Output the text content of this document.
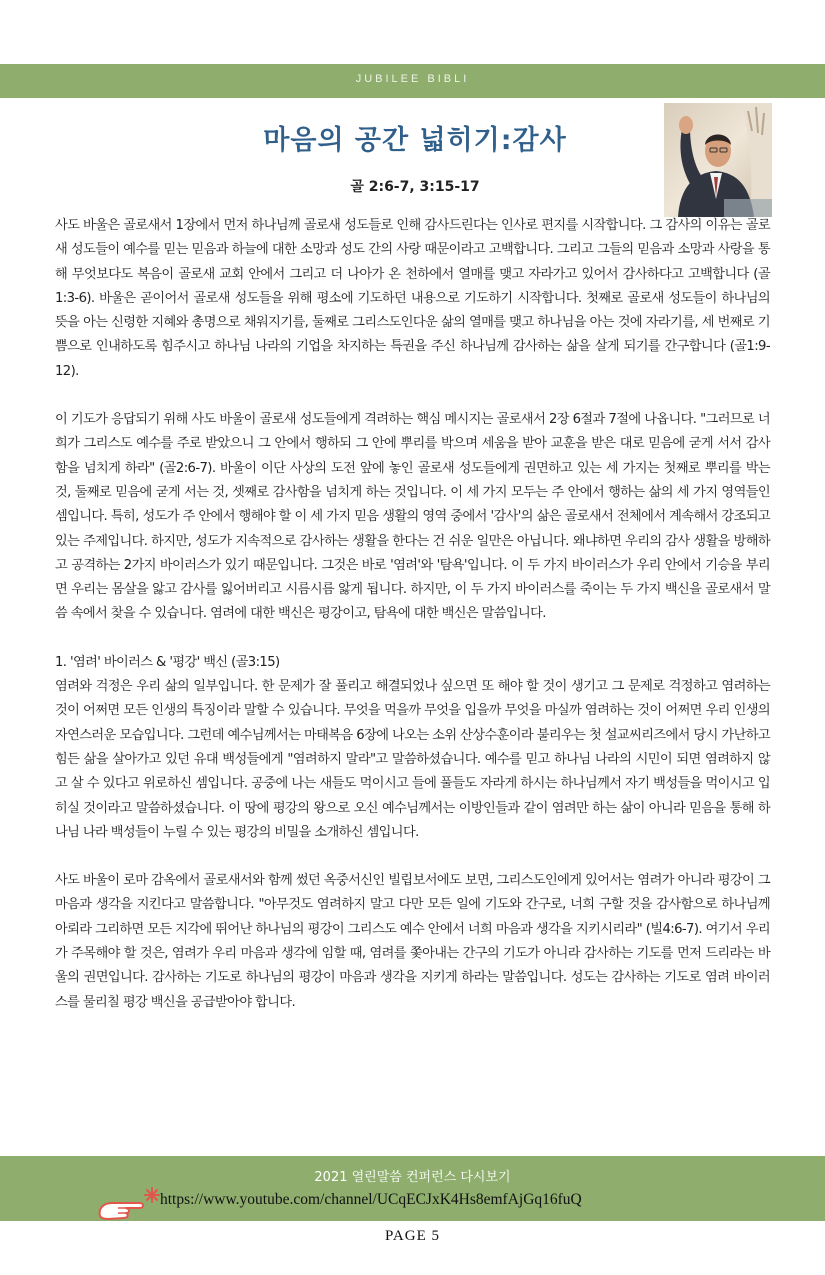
JUBILEE BIBLI
마음의 공간 넓히기:감사
골 2:6-7, 3:15-17

사도 바울은 골로새서 1장에서 먼저 하나님께 골로새 성도들로 인해 감사드린다는 인사로 편지를 시작합니다. 그 감사의 이유는 골로새 성도들이 예수를 믿는 믿음과 하늘에 대한 소망과 성도 간의 사랑 때문이라고 고백합니다. 그리고 그들의 믿음과 소망과 사랑을 통해 무엇보다도 복음이 골로새 교회 안에서 그리고 더 나아가 온 천하에서 열매를 맺고 자라가고 있어서 감사하다고 고백합니다 (골1:3-6). 바울은 곧이어서 골로새 성도들을 위해 평소에 기도하던 내용으로 기도하기 시작합니다. 첫째로 골로새 성도들이 하나님의 뜻을 아는 신령한 지혜와 총명으로 채워지기를, 둘째로 그리스도인다운 삶의 열매를 맺고 하나님을 아는 것에 자라기를, 세 번째로 기쁨으로 인내하도록 힘주시고 하나님 나라의 기업을 차지하는 특권을 주신 하나님께 감사하는 삶을 살게 되기를 간구합니다 (골1:9-12).

이 기도가 응답되기 위해 사도 바울이 골로새 성도들에게 격려하는 핵심 메시지는 골로새서 2장 6절과 7절에 나옵니다. "그러므로 너희가 그리스도 예수를 주로 받았으니 그 안에서 행하되 그 안에 뿌리를 박으며 세움을 받아 교훈을 받은 대로 믿음에 굳게 서서 감사함을 넘치게 하라" (골2:6-7). 바울이 이단 사상의 도전 앞에 놓인 골로새 성도들에게 권면하고 있는 세 가지는 첫째로 뿌리를 박는 것, 둘째로 믿음에 굳게 서는 것, 셋째로 감사함을 넘치게 하는 것입니다. 이 세 가지 모두는 주 안에서 행하는 삶의 세 가지 영역들인 셈입니다. 특히, 성도가 주 안에서 행해야 할 이 세 가지 믿음 생활의 영역 중에서 '감사'의 삶은 골로새서 전체에서 계속해서 강조되고 있는 주제입니다. 하지만, 성도가 지속적으로 감사하는 생활을 한다는 건 쉬운 일만은 아닙니다. 왜냐하면 우리의 감사 생활을 방해하고 공격하는 2가지 바이러스가 있기 때문입니다. 그것은 바로 '염려'와 '탐욕'입니다. 이 두 가지 바이러스가 우리 안에서 기승을 부리면 우리는 몸살을 앓고 감사를 잃어버리고 시름시름 앓게 됩니다. 하지만, 이 두 가지 바이러스를 죽이는 두 가지 백신을 골로새서 말씀 속에서 찾을 수 있습니다. 염려에 대한 백신은 평강이고, 탐욕에 대한 백신은 말씀입니다.

1. '염려' 바이러스 & '평강' 백신 (골3:15)

염려와 걱정은 우리 삶의 일부입니다. 한 문제가 잘 풀리고 해결되었나 싶으면 또 해야 할 것이 생기고 그 문제로 걱정하고 염려하는 것이 어쩌면 모든 인생의 특징이라 말할 수 있습니다. 무엇을 먹을까 무엇을 입을까 무엇을 마실까 염려하는 것이 어쩌면 우리 인생의 자연스러운 모습입니다. 그런데 예수님께서는 마태복음 6장에 나오는 소위 산상수훈이라 불리우는 첫 설교씨리즈에서 당시 가난하고 힘든 삶을 살아가고 있던 유대 백성들에게 "염려하지 말라"고 말씀하셨습니다. 예수를 믿고 하나님 나라의 시민이 되면 염려하지 않고 살 수 있다고 위로하신 셈입니다. 공중에 나는 새들도 먹이시고 들에 풀들도 자라게 하시는 하나님께서 자기 백성들을 먹이시고 입히실 것이라고 말씀하셨습니다. 이 땅에 평강의 왕으로 오신 예수님께서는 이방인들과 같이 염려만 하는 삶이 아니라 믿음을 통해 하나님 나라 백성들이 누릴 수 있는 평강의 비밀을 소개하신 셈입니다.

사도 바울이 로마 감옥에서 골로새서와 함께 썼던 옥중서신인 빌립보서에도 보면, 그리스도인에게 있어서는 염려가 아니라 평강이 그 마음과 생각을 지킨다고 말씀합니다. "아무것도 염려하지 말고 다만 모든 일에 기도와 간구로, 너희 구할 것을 감사함으로 하나님께 아뢰라 그리하면 모든 지각에 뛰어난 하나님의 평강이 그리스도 예수 안에서 너희 마음과 생각을 지키시리라" (빌4:6-7). 여기서 우리가 주목해야 할 것은, 염려가 우리 마음과 생각에 임할 때, 염려를 쫓아내는 간구의 기도가 아니라 감사하는 기도를 먼저 드리라는 바울의 권면입니다. 감사하는 기도로 하나님의 평강이 마음과 생각을 지키게 하라는 말씀입니다. 성도는 감사하는 기도로 염려 바이러스를 물리칠 평강 백신을 공급받아야 합니다.

2021 열린말씀 컨퍼런스 다시보기
https://www.youtube.com/channel/UCqECJxK4Hs8emfAjGq16fuQ
PAGE 5
